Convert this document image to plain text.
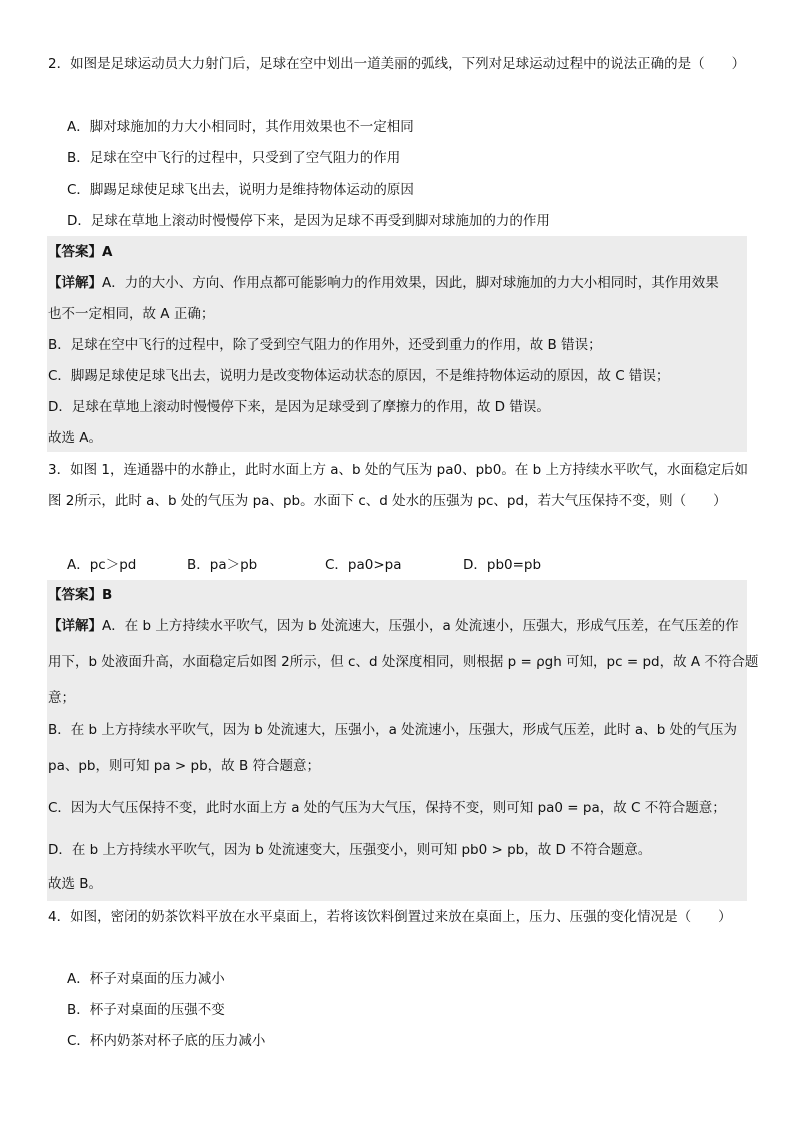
2．如图是足球运动员大力射门后，足球在空中划出一道美丽的弧线，下列对足球运动过程中的说法正确的是（　　）
A．脚对球施加的力大小相同时，其作用效果也不一定相同
B．足球在空中飞行的过程中，只受到了空气阻力的作用
C．脚踢足球使足球飞出去，说明力是维持物体运动的原因
D．足球在草地上滚动时慢慢停下来，是因为足球不再受到脚对球施加的力的作用
【答案】A
【详解】A．力的大小、方向、作用点都可能影响力的作用效果，因此，脚对球施加的力大小相同时，其作用效果
也不一定相同，故 A 正确；
B．足球在空中飞行的过程中，除了受到空气阻力的作用外，还受到重力的作用，故 B 错误；
C．脚踢足球使足球飞出去，说明力是改变物体运动状态的原因，不是维持物体运动的原因，故 C 错误；
D．足球在草地上滚动时慢慢停下来，是因为足球受到了摩擦力的作用，故 D 错误。
故选 A。
3．如图 1，连通器中的水静止，此时水面上方 a、b 处的气压为 pa0、pb0。在 b 上方持续水平吹气，水面稳定后如
图 2所示，此时 a、b 处的气压为 pa、pb。水面下 c、d 处水的压强为 pc、pd，若大气压保持不变，则（　　）
A．pc＞pd	B．pa＞pb	C．pa0>pa	D．pb0=pb
【答案】B
【详解】A．在 b 上方持续水平吹气，因为 b 处流速大，压强小，a 处流速小，压强大，形成气压差，在气压差的作
用下，b 处液面升高，水面稳定后如图 2所示，但 c、d 处深度相同，则根据 p = ρgh 可知，pc = pd，故 A 不符合题
意；
B．在 b 上方持续水平吹气，因为 b 处流速大，压强小，a 处流速小，压强大，形成气压差，此时 a、b 处的气压为
pa、pb，则可知 pa > pb，故 B 符合题意；
C．因为大气压保持不变，此时水面上方 a 处的气压为大气压，保持不变，则可知 pa0 = pa，故 C 不符合题意；
D．在 b 上方持续水平吹气，因为 b 处流速变大，压强变小，则可知 pb0 > pb，故 D 不符合题意。
故选 B。
4．如图，密闭的奶茶饮料平放在水平桌面上，若将该饮料倒置过来放在桌面上，压力、压强的变化情况是（　　）
A．杯子对桌面的压力减小
B．杯子对桌面的压强不变
C．杯内奶茶对杯子底的压力减小
